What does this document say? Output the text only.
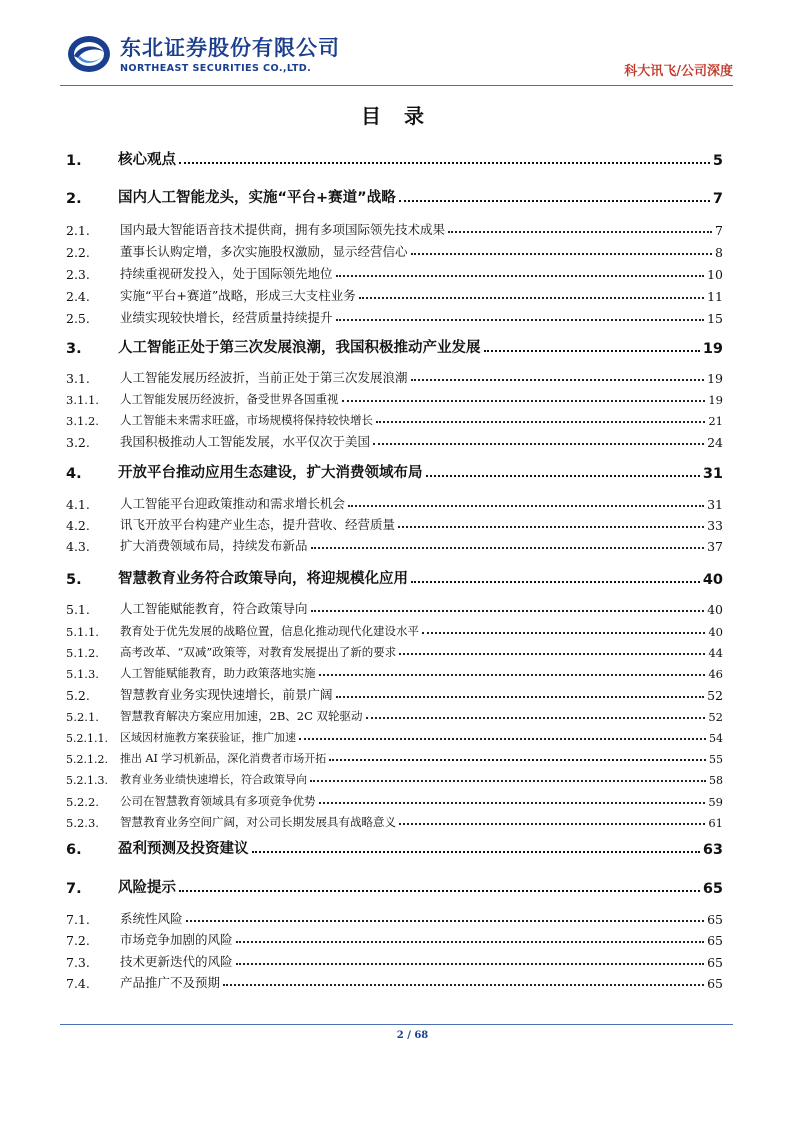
东北证券股份有限公司
NORTHEAST SECURITIES CO.,LTD.	科大讯飞/公司深度
目 录
1.	核心观点	5
2.	国内人工智能龙头，实施“平台+赛道”战略	7
2.1.	国内最大智能语音技术提供商，拥有多项国际领先技术成果	7
2.2.	董事长认购定增，多次实施股权激励，显示经营信心	8
2.3.	持续重视研发投入，处于国际领先地位	10
2.4.	实施“平台+赛道”战略，形成三大支柱业务	11
2.5.	业绩实现较快增长，经营质量持续提升	15
3.	人工智能正处于第三次发展浪潮，我国积极推动产业发展	19
3.1.	人工智能发展历经波折，当前正处于第三次发展浪潮	19
3.1.1.	人工智能发展历经波折，备受世界各国重视	19
3.1.2.	人工智能未来需求旺盛，市场规模将保持较快增长	21
3.2.	我国积极推动人工智能发展，水平仅次于美国	24
4.	开放平台推动应用生态建设，扩大消费领域布局	31
4.1.	人工智能平台迎政策推动和需求增长机会	31
4.2.	讯飞开放平台构建产业生态，提升营收、经营质量	33
4.3.	扩大消费领域布局，持续发布新品	37
5.	智慧教育业务符合政策导向，将迎规模化应用	40
5.1.	人工智能赋能教育，符合政策导向	40
5.1.1.	教育处于优先发展的战略位置，信息化推动现代化建设水平	40
5.1.2.	高考改革、“双减”政策等，对教育发展提出了新的要求	44
5.1.3.	人工智能赋能教育，助力政策落地实施	46
5.2.	智慧教育业务实现快速增长，前景广阔	52
5.2.1.	智慧教育解决方案应用加速，2B、2C 双轮驱动	52
5.2.1.1.	区域因材施教方案获验证，推广加速	54
5.2.1.2.	推出 AI 学习机新品，深化消费者市场开拓	55
5.2.1.3.	教育业务业绩快速增长，符合政策导向	58
5.2.2.	公司在智慧教育领域具有多项竞争优势	59
5.2.3.	智慧教育业务空间广阔，对公司长期发展具有战略意义	61
6.	盈利预测及投资建议	63
7.	风险提示	65
7.1.	系统性风险	65
7.2.	市场竞争加剧的风险	65
7.3.	技术更新迭代的风险	65
7.4.	产品推广不及预期	65
2 / 68
